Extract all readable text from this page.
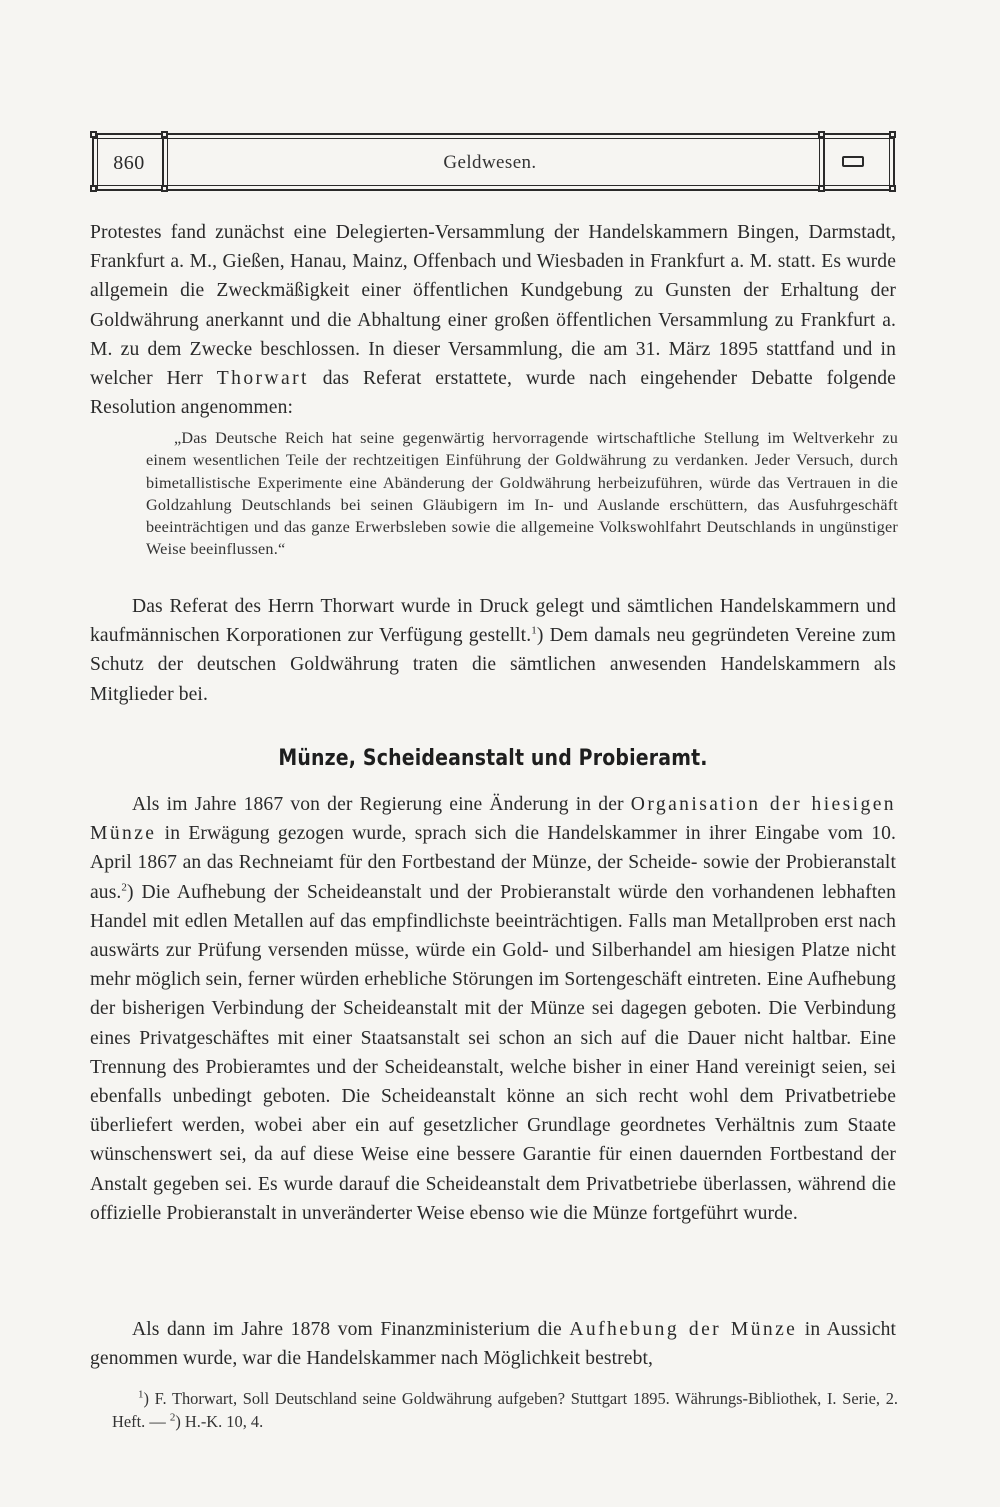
860	Geldwesen.

Protestes fand zunächst eine Delegierten-Versammlung der Handelskammern Bingen, Darmstadt, Frankfurt a. M., Gießen, Hanau, Mainz, Offenbach und Wiesbaden in Frankfurt a. M. statt. Es wurde allgemein die Zweckmäßigkeit einer öffentlichen Kundgebung zu Gunsten der Erhaltung der Goldwährung anerkannt und die Abhaltung einer großen öffentlichen Versammlung zu Frankfurt a. M. zu dem Zwecke beschlossen. In dieser Versammlung, die am 31. März 1895 stattfand und in welcher Herr Thorwart das Referat erstattete, wurde nach eingehender Debatte folgende Resolution angenommen:

„Das Deutsche Reich hat seine gegenwärtig hervorragende wirtschaftliche Stellung im Weltverkehr zu einem wesentlichen Teile der rechtzeitigen Einführung der Goldwährung zu verdanken. Jeder Versuch, durch bimetallistische Experimente eine Abänderung der Goldwährung herbeizuführen, würde das Vertrauen in die Goldzahlung Deutschlands bei seinen Gläubigern im In- und Auslande erschüttern, das Ausfuhrgeschäft beeinträchtigen und das ganze Erwerbsleben sowie die allgemeine Volkswohlfahrt Deutschlands in ungünstiger Weise beeinflussen.“

Das Referat des Herrn Thorwart wurde in Druck gelegt und sämtlichen Handelskammern und kaufmännischen Korporationen zur Verfügung gestellt.$^1$) Dem damals neu gegründeten Vereine zum Schutz der deutschen Goldwährung traten die sämtlichen anwesenden Handelskammern als Mitglieder bei.

Münze, Scheideanstalt und Probieramt.

Als im Jahre 1867 von der Regierung eine Änderung in der Organisation der hiesigen Münze in Erwägung gezogen wurde, sprach sich die Handelskammer in ihrer Eingabe vom 10. April 1867 an das Rechneiamt für den Fortbestand der Münze, der Scheide- sowie der Probieranstalt aus.$^2$) Die Aufhebung der Scheideanstalt und der Probieranstalt würde den vorhandenen lebhaften Handel mit edlen Metallen auf das empfindlichste beeinträchtigen. Falls man Metallproben erst nach auswärts zur Prüfung versenden müsse, würde ein Gold- und Silberhandel am hiesigen Platze nicht mehr möglich sein, ferner würden erhebliche Störungen im Sortengeschäft eintreten. Eine Aufhebung der bisherigen Verbindung der Scheideanstalt mit der Münze sei dagegen geboten. Die Verbindung eines Privatgeschäftes mit einer Staatsanstalt sei schon an sich auf die Dauer nicht haltbar. Eine Trennung des Probieramtes und der Scheideanstalt, welche bisher in einer Hand vereinigt seien, sei ebenfalls unbedingt geboten. Die Scheideanstalt könne an sich recht wohl dem Privatbetriebe überliefert werden, wobei aber ein auf gesetzlicher Grundlage geordnetes Verhältnis zum Staate wünschenswert sei, da auf diese Weise eine bessere Garantie für einen dauernden Fortbestand der Anstalt gegeben sei. Es wurde darauf die Scheideanstalt dem Privatbetriebe überlassen, während die offizielle Probieranstalt in unveränderter Weise ebenso wie die Münze fortgeführt wurde.

Als dann im Jahre 1878 vom Finanzministerium die Aufhebung der Münze in Aussicht genommen wurde, war die Handelskammer nach Möglichkeit bestrebt,

$^1$) F. Thorwart, Soll Deutschland seine Goldwährung aufgeben? Stuttgart 1895. Währungs-Bibliothek, I. Serie, 2. Heft. — $^2$) H.-K. 10, 4.
